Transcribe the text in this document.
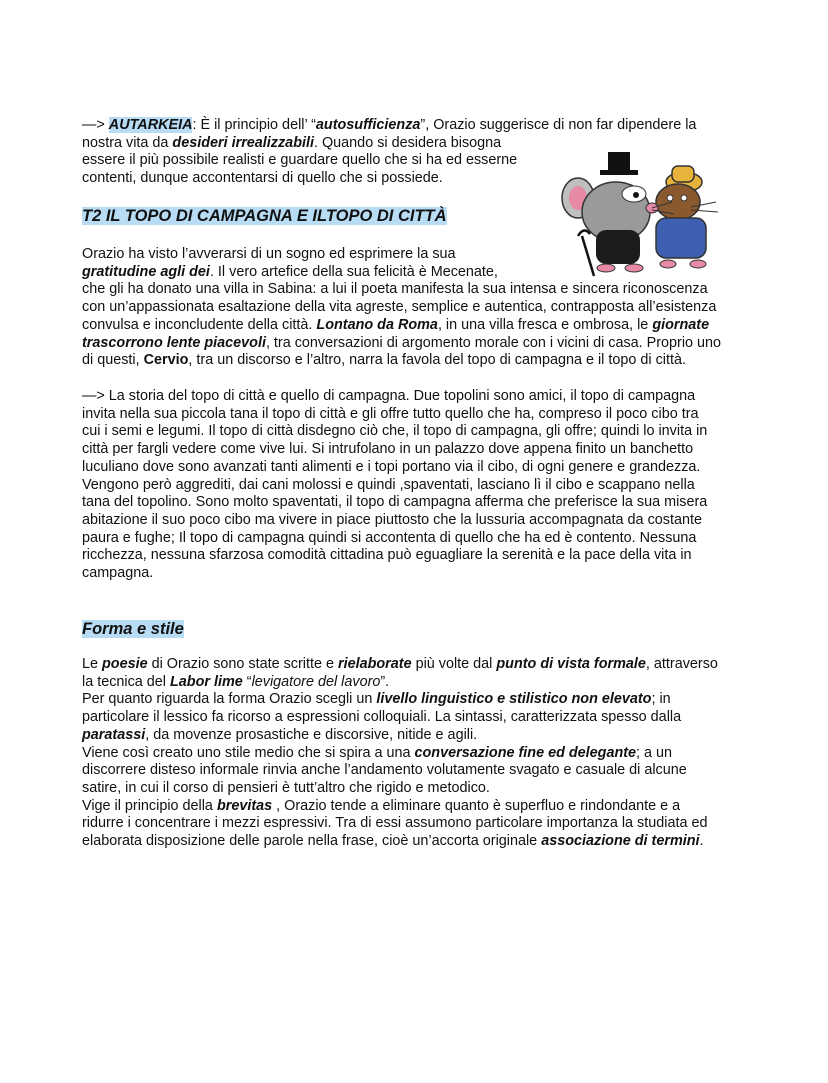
—> AUTARKEIA: È il principio dell’ “autosufficienza”, Orazio suggerisce di non far dipendere la
nostra vita da desideri irrealizzabili. Quando si desidera bisogna
essere il più possibile realisti e guardare quello che si ha ed esserne
contenti, dunque accontentarsi di quello che si possiede.

T2 IL TOPO DI CAMPAGNA E ILTOPO DI CITTÀ

Orazio ha visto l’avverarsi di un sogno ed esprimere la sua
gratitudine agli dei. Il vero artefice della sua felicità è Mecenate,
che gli ha donato una villa in Sabina: a lui il poeta manifesta la sua intensa e sincera riconoscenza
con un’appassionata esaltazione della vita agreste, semplice e autentica, contrapposta all’esistenza
convulsa e inconcludente della città. Lontano da Roma, in una villa fresca e ombrosa, le giornate
trascorrono lente piacevoli, tra conversazioni di argomento morale con i vicini di casa. Proprio uno
di questi, Cervio, tra un discorso e l’altro, narra la favola del topo di campagna e il topo di città.

—> La storia del topo di città e quello di campagna. Due topolini sono amici, il topo di campagna
invita nella sua piccola tana il topo di città e gli offre tutto quello che ha, compreso il poco cibo tra
cui i semi e legumi. Il topo di città disdegno ciò che, il topo di campagna, gli offre; quindi lo invita in
città per fargli vedere come vive lui. Si intrufolano in un palazzo dove appena finito un banchetto
luculiano dove sono avanzati tanti alimenti e i topi portano via il cibo, di ogni genere e grandezza.
Vengono però aggrediti, dai cani molossi e quindi ,spaventati, lasciano lì il cibo e scappano nella
tana del topolino. Sono molto spaventati, il topo di campagna afferma che preferisce la sua misera
abitazione il suo poco cibo ma vivere in piace piuttosto che la lussuria accompagnata da costante
paura e fughe; Il topo di campagna quindi si accontenta di quello che ha ed è contento. Nessuna
ricchezza, nessuna sfarzosa comodità cittadina può eguagliare la serenità e la pace della vita in
campagna.

Forma e stile

Le poesie di Orazio sono state scritte e rielaborate più volte dal punto di vista formale, attraverso
la tecnica del Labor lime “levigatore del lavoro”.
Per quanto riguarda la forma Orazio scegli un livello linguistico e stilistico non elevato; in
particolare il lessico fa ricorso a espressioni colloquiali. La sintassi, caratterizzata spesso dalla
paratassi, da movenze prosastiche e discorsive, nitide e agili.
Viene così creato uno stile medio che si spira a una conversazione fine ed delegante; a un
discorrere disteso informale rinvia anche l’andamento volutamente svagato e casuale di alcune
satire, in cui il corso di pensieri è tutt’altro che rigido e metodico.
Vige il principio della brevitas , Orazio tende a eliminare quanto è superfluo e rindondante e a
ridurre i concentrare i mezzi espressivi. Tra di essi assumono particolare importanza la studiata ed
elaborata disposizione delle parole nella frase, cioè un’accorta originale associazione di termini.
